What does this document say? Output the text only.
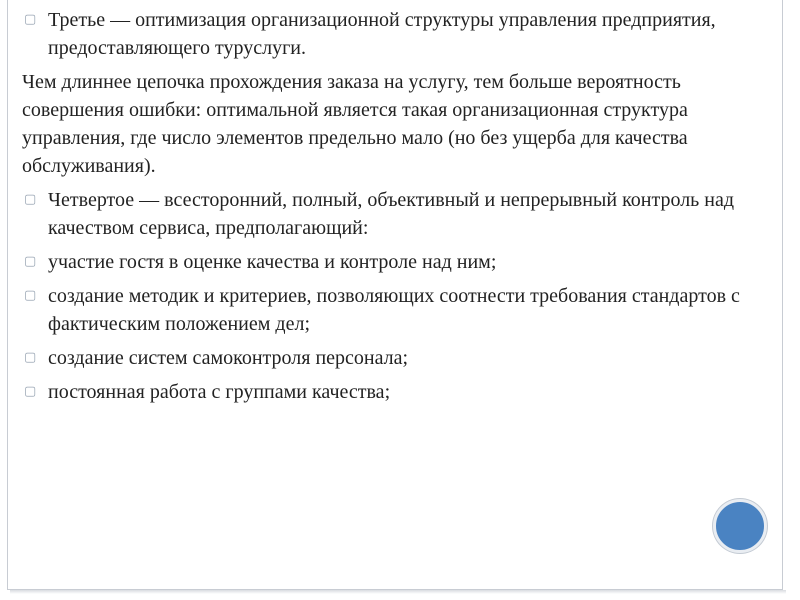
▢ Третье — оптимизация организационной структуры управления предприятия, предоставляющего туруслуги.
Чем длиннее цепочка прохождения заказа на услугу, тем больше вероятность совершения ошибки: оптимальной является такая организационная структура управления, где число элементов предельно мало (но без ущерба для качества обслуживания).
▢ Четвертое — всесторонний, полный, объективный и непрерывный контроль над качеством сервиса, предполагающий:
▢ участие гостя в оценке качества и контроле над ним;
▢ создание методик и критериев, позволяющих соотнести требования стандартов с фактическим положением дел;
▢ создание систем самоконтроля персонала;
▢ постоянная работа с группами качества;
